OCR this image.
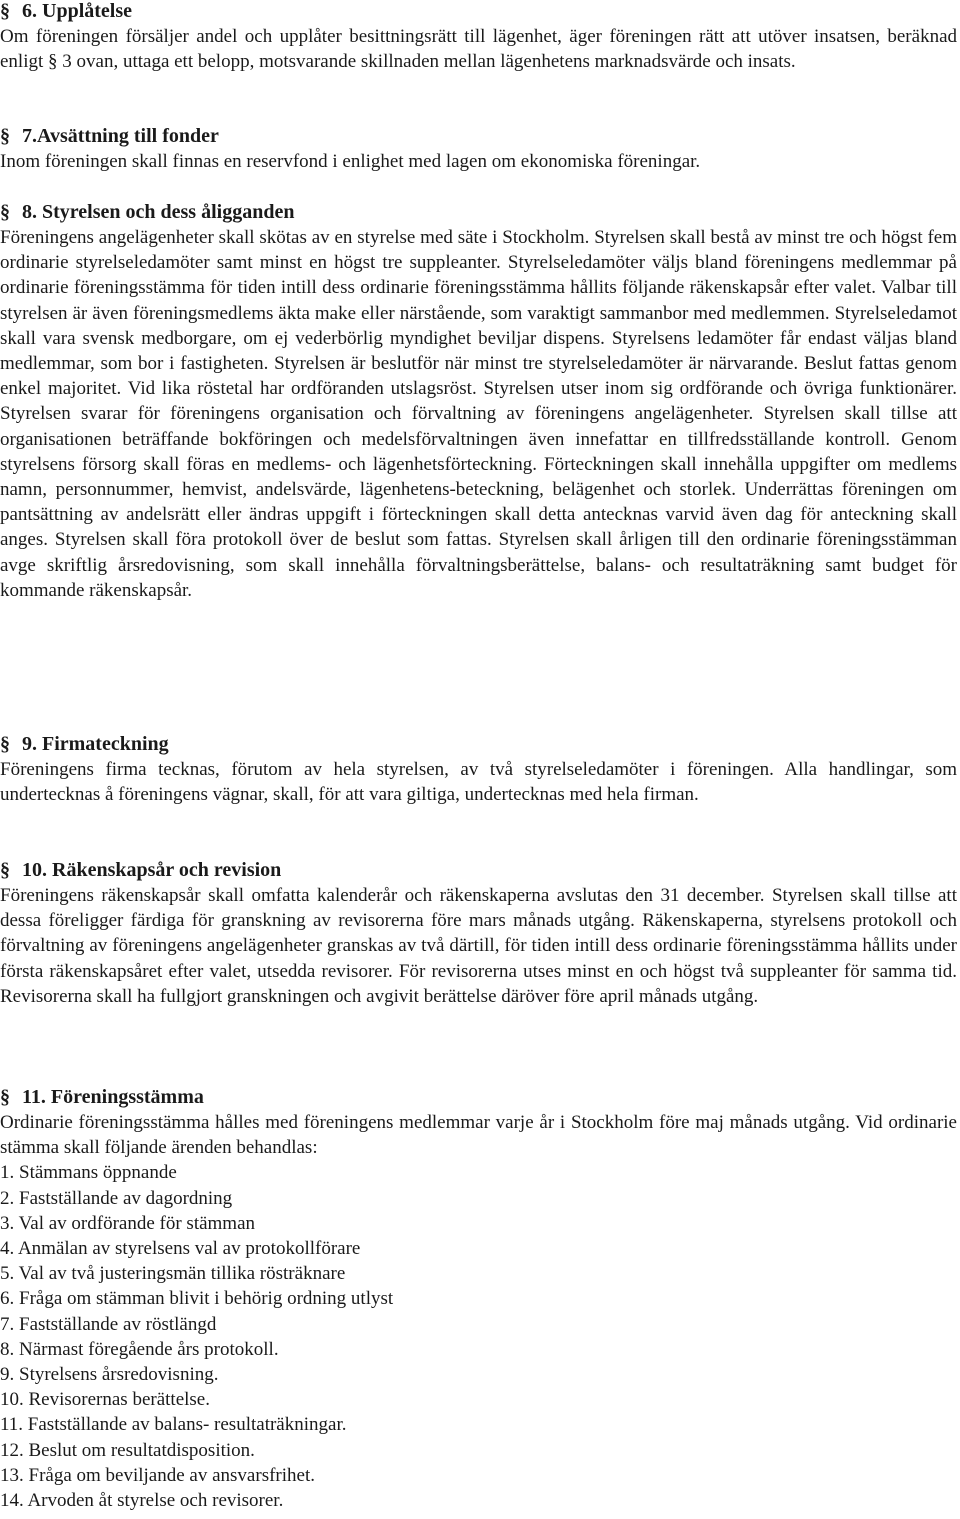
§ 6. Upplåtelse

Om föreningen försäljer andel och upplåter besittningsrätt till lägenhet, äger föreningen rätt att utöver insatsen, beräknad enligt § 3 ovan, uttaga ett belopp, motsvarande skillnaden mellan lägenhetens marknadsvärde och insats.

§ 7.Avsättning till fonder

Inom föreningen skall finnas en reservfond i enlighet med lagen om ekonomiska föreningar.

§ 8. Styrelsen och dess åligganden

Föreningens angelägenheter skall skötas av en styrelse med säte i Stockholm. Styrelsen skall bestå av minst tre och högst fem ordinarie styrelseledamöter samt minst en högst tre suppleanter. Styrelseledamöter väljs bland föreningens medlemmar på ordinarie föreningsstämma för tiden intill dess ordinarie föreningsstämma hållits följande räkenskapsår efter valet. Valbar till styrelsen är även föreningsmedlems äkta make eller närstående, som varaktigt sammanbor med medlemmen. Styrelseledamot skall vara svensk medborgare, om ej vederbörlig myndighet beviljar dispens. Styrelsens ledamöter får endast väljas bland medlemmar, som bor i fastigheten. Styrelsen är beslutför när minst tre styrelseledamöter är närvarande. Beslut fattas genom enkel majoritet. Vid lika röstetal har ordföranden utslagsröst. Styrelsen utser inom sig ordförande och övriga funktionärer. Styrelsen svarar för föreningens organisation och förvaltning av föreningens angelägenheter. Styrelsen skall tillse att organisationen beträffande bokföringen och medelsförvaltningen även innefattar en tillfredsställande kontroll. Genom styrelsens försorg skall föras en medlems- och lägenhetsförteckning. Förteckningen skall innehålla uppgifter om medlems namn, personnummer, hemvist, andelsvärde, lägenhetens-beteckning, belägenhet och storlek. Underrättas föreningen om pantsättning av andelsrätt eller ändras uppgift i förteckningen skall detta antecknas varvid även dag för anteckning skall anges. Styrelsen skall föra protokoll över de beslut som fattas. Styrelsen skall årligen till den ordinarie föreningsstämman avge skriftlig årsredovisning, som skall innehålla förvaltningsberättelse, balans- och resultaträkning samt budget för kommande räkenskapsår.

§ 9. Firmateckning

Föreningens firma tecknas, förutom av hela styrelsen, av två styrelseledamöter i föreningen. Alla handlingar, som undertecknas å föreningens vägnar, skall, för att vara giltiga, undertecknas med hela firman.

§ 10. Räkenskapsår och revision

Föreningens räkenskapsår skall omfatta kalenderår och räkenskaperna avslutas den 31 december. Styrelsen skall tillse att dessa föreligger färdiga för granskning av revisorerna före mars månads utgång. Räkenskaperna, styrelsens protokoll och förvaltning av föreningens angelägenheter granskas av två därtill, för tiden intill dess ordinarie föreningsstämma hållits under första räkenskapsåret efter valet, utsedda revisorer. För revisorerna utses minst en och högst två suppleanter för samma tid. Revisorerna skall ha fullgjort granskningen och avgivit berättelse däröver före april månads utgång.

§ 11. Föreningsstämma

Ordinarie föreningsstämma hålles med föreningens medlemmar varje år i Stockholm före maj månads utgång. Vid ordinarie stämma skall följande ärenden behandlas:

1. Stämmans öppnande
2. Fastställande av dagordning
3. Val av ordförande för stämman
4. Anmälan av styrelsens val av protokollförare
5. Val av två justeringsmän tillika rösträknare
6. Fråga om stämman blivit i behörig ordning utlyst
7. Fastställande av röstlängd
8. Närmast föregående års protokoll.
9. Styrelsens årsredovisning.
10. Revisorernas berättelse.
11. Fastställande av balans- resultaträkningar.
12. Beslut om resultatdisposition.
13. Fråga om beviljande av ansvarsfrihet.
14. Arvoden åt styrelse och revisorer.
